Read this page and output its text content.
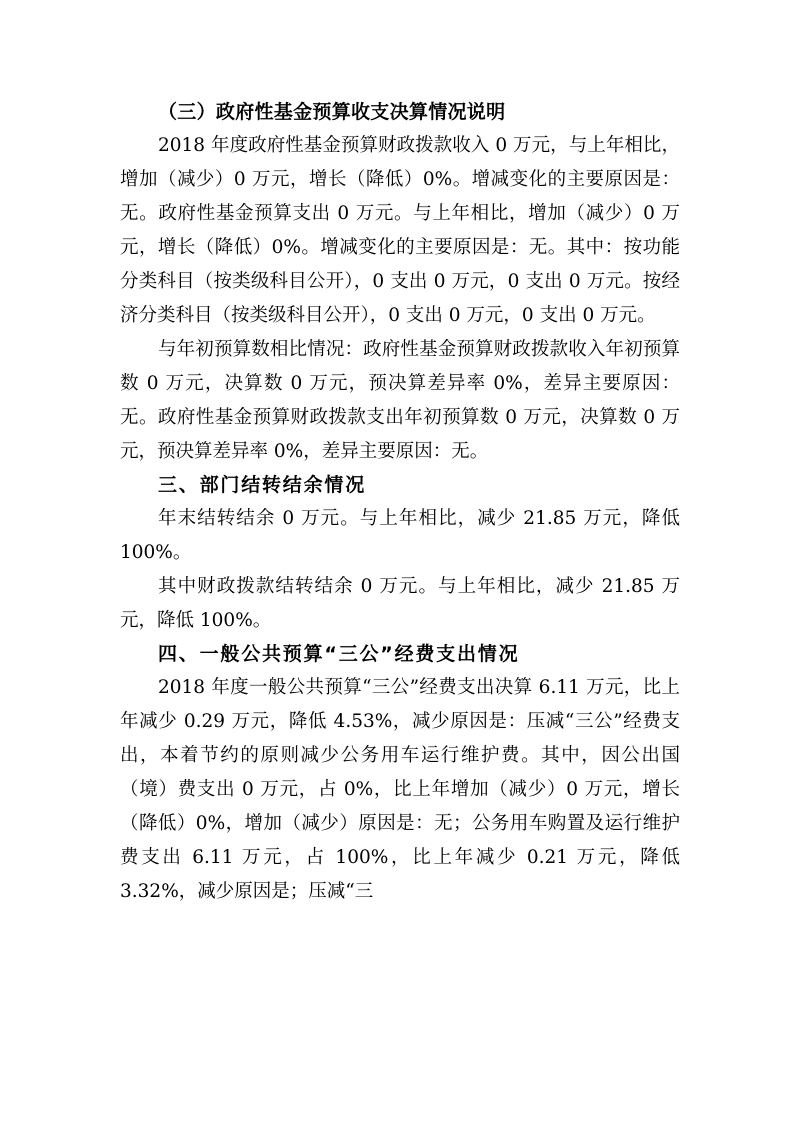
（三）政府性基金预算收支决算情况说明

2018 年度政府性基金预算财政拨款收入 0 万元，与上年相比，增加（减少）0 万元，增长（降低）0%。增减变化的主要原因是：无。政府性基金预算支出 0 万元。与上年相比，增加（减少）0 万元，增长（降低）0%。增减变化的主要原因是：无。其中：按功能分类科目（按类级科目公开），0 支出 0 万元，0 支出 0 万元。按经济分类科目（按类级科目公开），0 支出 0 万元，0 支出 0 万元。

与年初预算数相比情况：政府性基金预算财政拨款收入年初预算数 0 万元，决算数 0 万元，预决算差异率 0%，差异主要原因：无。政府性基金预算财政拨款支出年初预算数 0 万元，决算数 0 万元，预决算差异率 0%，差异主要原因：无。

三、部门结转结余情况

年末结转结余 0 万元。与上年相比，减少 21.85 万元，降低 100%。

其中财政拨款结转结余 0 万元。与上年相比，减少 21.85 万元，降低 100%。

四、一般公共预算“三公”经费支出情况

2018 年度一般公共预算“三公”经费支出决算 6.11 万元，比上年减少 0.29 万元，降低 4.53%，减少原因是：压减“三公”经费支出，本着节约的原则减少公务用车运行维护费。其中，因公出国（境）费支出 0 万元，占 0%，比上年增加（减少）0 万元，增长（降低）0%，增加（减少）原因是：无；公务用车购置及运行维护费支出 6.11 万元，占 100%，比上年减少 0.21 万元，降低 3.32%，减少原因是；压减“三
